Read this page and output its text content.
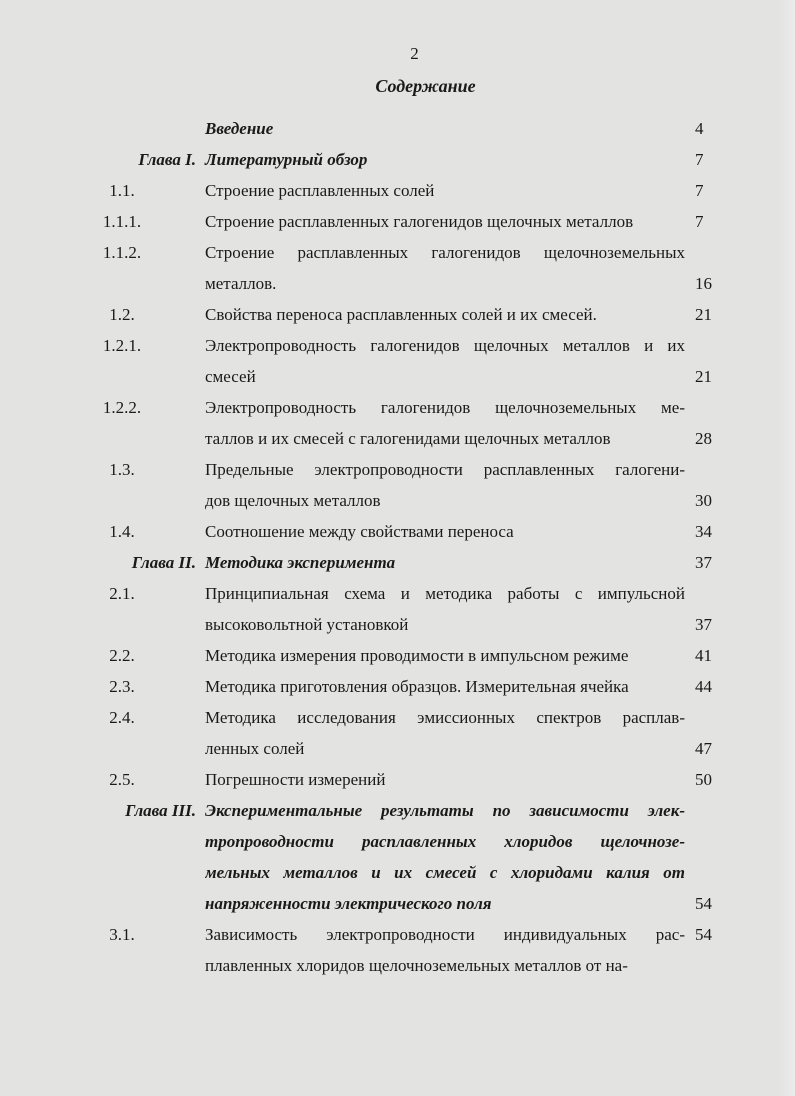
2
Содержание
Введение	4
Глава I. Литературный обзор	7
1.1.	Строение расплавленных солей	7
1.1.1.	Строение расплавленных галогенидов щелочных металлов	7
1.1.2.	Строение расплавленных галогенидов щелочноземельных
металлов.	16
1.2.	Свойства переноса расплавленных солей и их смесей.	21
1.2.1.	Электропроводность галогенидов щелочных металлов и их
смесей	21
1.2.2.	Электропроводность галогенидов щелочноземельных ме-
таллов и их смесей с галогенидами щелочных металлов	28
1.3.	Предельные электропроводности расплавленных галогени-
дов щелочных металлов	30
1.4.	Соотношение между свойствами переноса	34
Глава II. Методика эксперимента	37
2.1.	Принципиальная схема и методика работы с импульсной
высоковольтной установкой	37
2.2.	Методика измерения проводимости в импульсном режиме	41
2.3.	Методика приготовления образцов. Измерительная ячейка	44
2.4.	Методика исследования эмиссионных спектров расплав-
ленных солей	47
2.5.	Погрешности измерений	50
Глава III. Экспериментальные результаты по зависимости элек-
тропроводности расплавленных хлоридов щелочнозе-
мельных металлов и их смесей с хлоридами калия от
напряженности электрического поля	54
3.1.	Зависимость электропроводности индивидуальных рас-
плавленных хлоридов щелочноземельных металлов от на-
54
